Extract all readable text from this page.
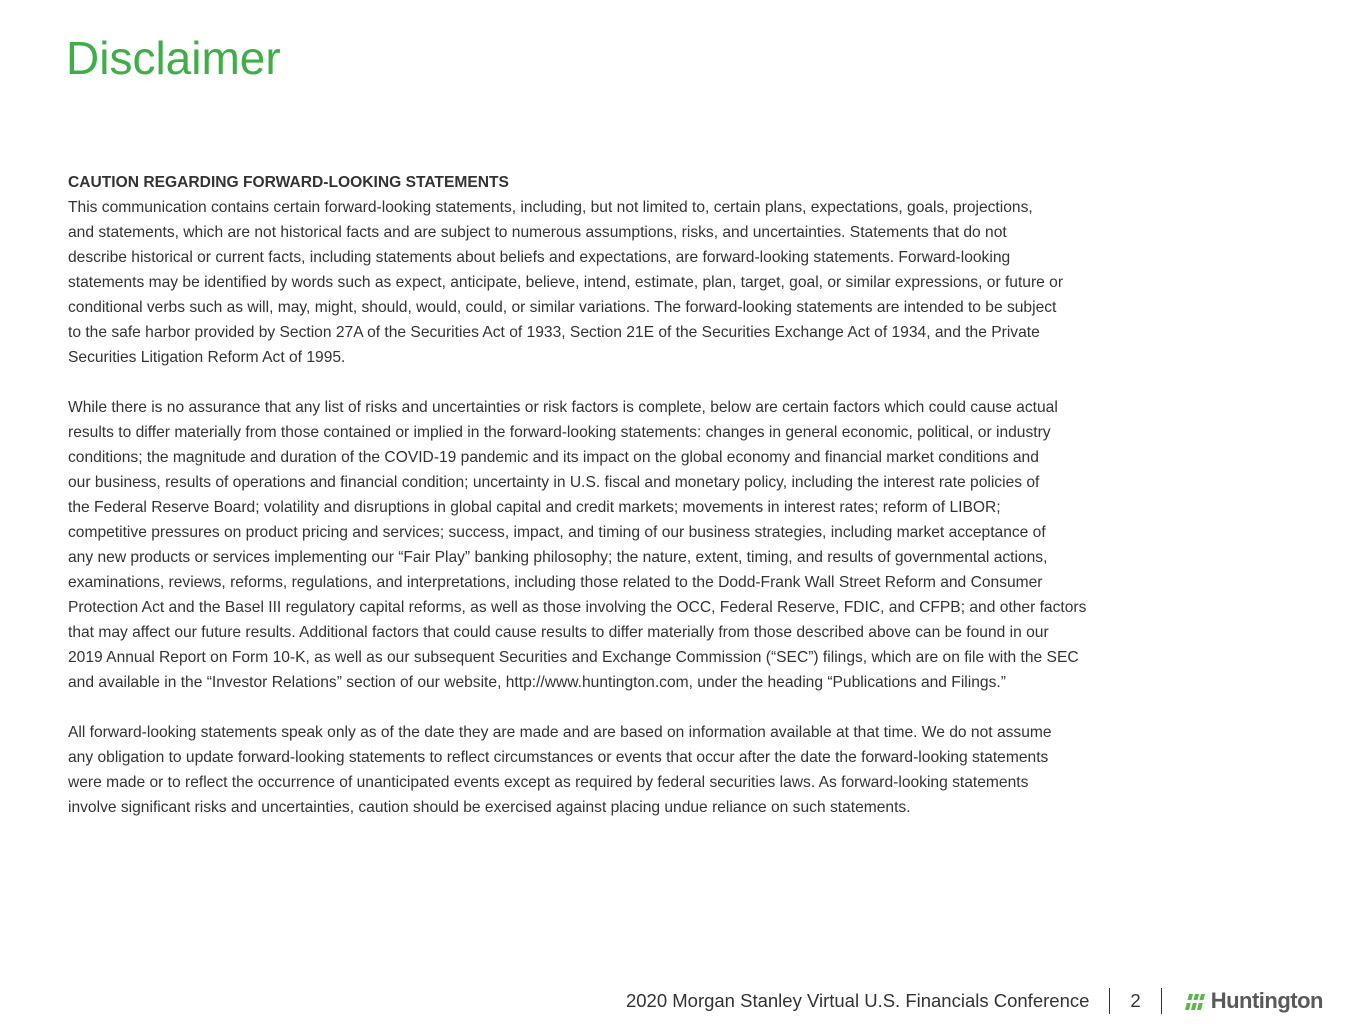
Disclaimer

CAUTION REGARDING FORWARD-LOOKING STATEMENTS

This communication contains certain forward-looking statements, including, but not limited to, certain plans, expectations, goals, projections,
and statements, which are not historical facts and are subject to numerous assumptions, risks, and uncertainties. Statements that do not
describe historical or current facts, including statements about beliefs and expectations, are forward-looking statements. Forward-looking
statements may be identified by words such as expect, anticipate, believe, intend, estimate, plan, target, goal, or similar expressions, or future or
conditional verbs such as will, may, might, should, would, could, or similar variations. The forward-looking statements are intended to be subject
to the safe harbor provided by Section 27A of the Securities Act of 1933, Section 21E of the Securities Exchange Act of 1934, and the Private
Securities Litigation Reform Act of 1995.

While there is no assurance that any list of risks and uncertainties or risk factors is complete, below are certain factors which could cause actual
results to differ materially from those contained or implied in the forward-looking statements: changes in general economic, political, or industry
conditions; the magnitude and duration of the COVID-19 pandemic and its impact on the global economy and financial market conditions and
our business, results of operations and financial condition; uncertainty in U.S. fiscal and monetary policy, including the interest rate policies of
the Federal Reserve Board; volatility and disruptions in global capital and credit markets; movements in interest rates; reform of LIBOR;
competitive pressures on product pricing and services; success, impact, and timing of our business strategies, including market acceptance of
any new products or services implementing our “Fair Play” banking philosophy; the nature, extent, timing, and results of governmental actions,
examinations, reviews, reforms, regulations, and interpretations, including those related to the Dodd-Frank Wall Street Reform and Consumer
Protection Act and the Basel III regulatory capital reforms, as well as those involving the OCC, Federal Reserve, FDIC, and CFPB; and other factors
that may affect our future results. Additional factors that could cause results to differ materially from those described above can be found in our
2019 Annual Report on Form 10-K, as well as our subsequent Securities and Exchange Commission (“SEC”) filings, which are on file with the SEC
and available in the “Investor Relations” section of our website, http://www.huntington.com, under the heading “Publications and Filings.”

All forward-looking statements speak only as of the date they are made and are based on information available at that time. We do not assume
any obligation to update forward-looking statements to reflect circumstances or events that occur after the date the forward-looking statements
were made or to reflect the occurrence of unanticipated events except as required by federal securities laws. As forward-looking statements
involve significant risks and uncertainties, caution should be exercised against placing undue reliance on such statements.

2020 Morgan Stanley Virtual U.S. Financials Conference 2	Huntington
